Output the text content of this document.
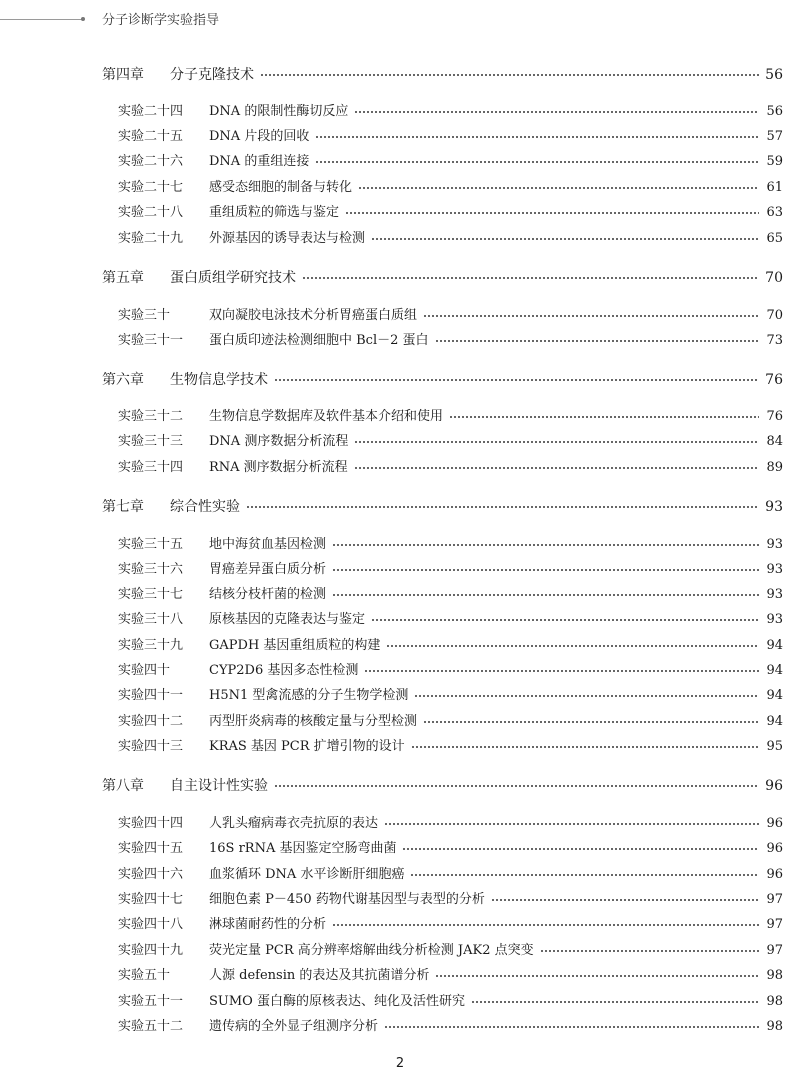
分子诊断学实验指导
第四章	分子克隆技术	56
实验二十四	DNA 的限制性酶切反应	56
实验二十五	DNA 片段的回收	57
实验二十六	DNA 的重组连接	59
实验二十七	感受态细胞的制备与转化	61
实验二十八	重组质粒的筛选与鉴定	63
实验二十九	外源基因的诱导表达与检测	65
第五章	蛋白质组学研究技术	70
实验三十	双向凝胶电泳技术分析胃癌蛋白质组	70
实验三十一	蛋白质印迹法检测细胞中 Bcl－2 蛋白	73
第六章	生物信息学技术	76
实验三十二	生物信息学数据库及软件基本介绍和使用	76
实验三十三	DNA 测序数据分析流程	84
实验三十四	RNA 测序数据分析流程	89
第七章	综合性实验	93
实验三十五	地中海贫血基因检测	93
实验三十六	胃癌差异蛋白质分析	93
实验三十七	结核分枝杆菌的检测	93
实验三十八	原核基因的克隆表达与鉴定	93
实验三十九	GAPDH 基因重组质粒的构建	94
实验四十	CYP2D6 基因多态性检测	94
实验四十一	H5N1 型禽流感的分子生物学检测	94
实验四十二	丙型肝炎病毒的核酸定量与分型检测	94
实验四十三	KRAS 基因 PCR 扩增引物的设计	95
第八章	自主设计性实验	96
实验四十四	人乳头瘤病毒衣壳抗原的表达	96
实验四十五	16S rRNA 基因鉴定空肠弯曲菌	96
实验四十六	血浆循环 DNA 水平诊断肝细胞癌	96
实验四十七	细胞色素 P－450 药物代谢基因型与表型的分析	97
实验四十八	淋球菌耐药性的分析	97
实验四十九	荧光定量 PCR 高分辨率熔解曲线分析检测 JAK2 点突变	97
实验五十	人源 defensin 的表达及其抗菌谱分析	98
实验五十一	SUMO 蛋白酶的原核表达、纯化及活性研究	98
实验五十二	遗传病的全外显子组测序分析	98
2
